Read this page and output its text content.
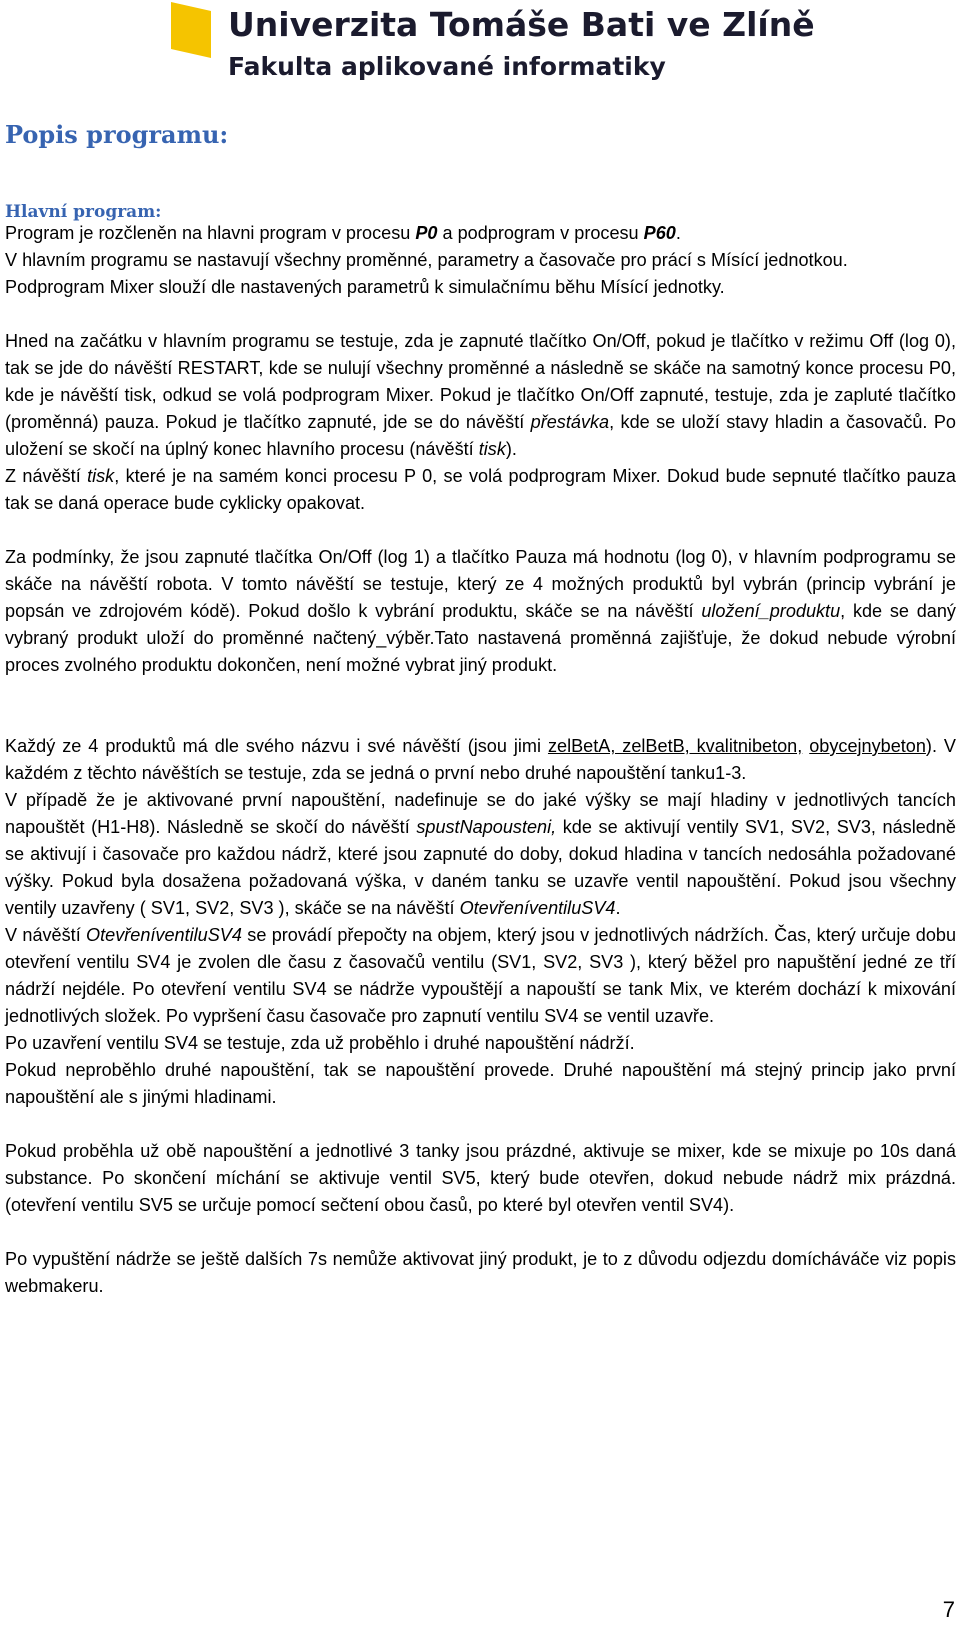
Univerzita Tomáše Bati ve Zlíně
Fakulta aplikované informatiky
Popis programu:
Hlavní program:

Program je rozčleněn na hlavni program v procesu P0 a podprogram v procesu P60.

V hlavním programu se nastavují všechny proměnné, parametry a časovače pro prácí s Mísící jednotkou.

Podprogram Mixer slouží dle nastavených parametrů k simulačnímu běhu Mísící jednotky.

Hned na začátku v hlavním programu se testuje, zda je zapnuté tlačítko On/Off, pokud je tlačítko v režimu Off (log 0), tak se jde do návěští RESTART, kde se nulují všechny proměnné a následně se skáče na samotný konce procesu P0, kde je návěští tisk, odkud se volá podprogram Mixer. Pokud je tlačítko On/Off zapnuté, testuje, zda je zapluté tlačítko (proměnná) pauza. Pokud je tlačítko zapnuté, jde se do návěští přestávka, kde se uloží stavy hladin a časovačů. Po uložení se skočí na úplný konec hlavního procesu (návěští tisk).

Z návěští tisk, které je na samém konci procesu P 0, se volá podprogram Mixer. Dokud bude sepnuté tlačítko pauza tak se daná operace bude cyklicky opakovat.

Za podmínky, že jsou zapnuté tlačítka On/Off (log 1) a tlačítko Pauza má hodnotu (log 0), v hlavním podprogramu se skáče na návěští robota. V tomto návěští se testuje, který ze 4 možných produktů byl vybrán (princip vybrání je popsán ve zdrojovém kódě). Pokud došlo k vybrání produktu, skáče se na návěští uložení_produktu, kde se daný vybraný produkt uloží do proměnné načtený_výběr.Tato nastavená proměnná zajišťuje, že dokud nebude výrobní proces zvolného produktu dokončen, není možné vybrat jiný produkt.

Každý ze 4 produktů má dle svého názvu i své návěští (jsou jimi zelBetA, zelBetB, kvalitnibeton, obycejnybeton). V každém z těchto návěštích se testuje, zda se jedná o první nebo druhé napouštění tanku1-3.

V případě že je aktivované první napouštění, nadefinuje se do jaké výšky se mají hladiny v jednotlivých tancích napouštět (H1-H8). Následně se skočí do návěští spustNapousteni, kde se aktivují ventily SV1, SV2, SV3, následně se aktivují i časovače pro každou nádrž, které jsou zapnuté do doby, dokud hladina v tancích nedosáhla požadované výšky. Pokud byla dosažena požadovaná výška, v daném tanku se uzavře ventil napouštění. Pokud jsou všechny ventily uzavřeny ( SV1, SV2, SV3 ), skáče se na návěští OtevřeníventiluSV4.

V návěští OtevřeníventiluSV4 se provádí přepočty na objem, který jsou v jednotlivých nádržích. Čas, který určuje dobu otevření ventilu SV4 je zvolen dle času z časovačů ventilu (SV1, SV2, SV3 ), který běžel pro napuštění jedné ze tří nádrží nejdéle. Po otevření ventilu SV4 se nádrže vypouštějí a napouští se tank Mix, ve kterém dochází k mixování jednotlivých složek. Po vypršení času časovače pro zapnutí ventilu SV4 se ventil uzavře.

Po uzavření ventilu SV4 se testuje, zda už proběhlo i druhé napouštění nádrží.

Pokud neproběhlo druhé napouštění, tak se napouštění provede. Druhé napouštění má stejný princip jako první napouštění ale s jinými hladinami.

Pokud proběhla už obě napouštění a jednotlivé 3 tanky jsou prázdné, aktivuje se mixer, kde se mixuje po 10s daná substance. Po skončení míchání se aktivuje ventil SV5, který bude otevřen, dokud nebude nádrž mix prázdná. (otevření ventilu SV5 se určuje pomocí sečtení obou časů, po které byl otevřen ventil SV4).

Po vypuštění nádrže se ještě dalších 7s nemůže aktivovat jiný produkt, je to z důvodu odjezdu domícháváče viz popis webmakeru.

7
